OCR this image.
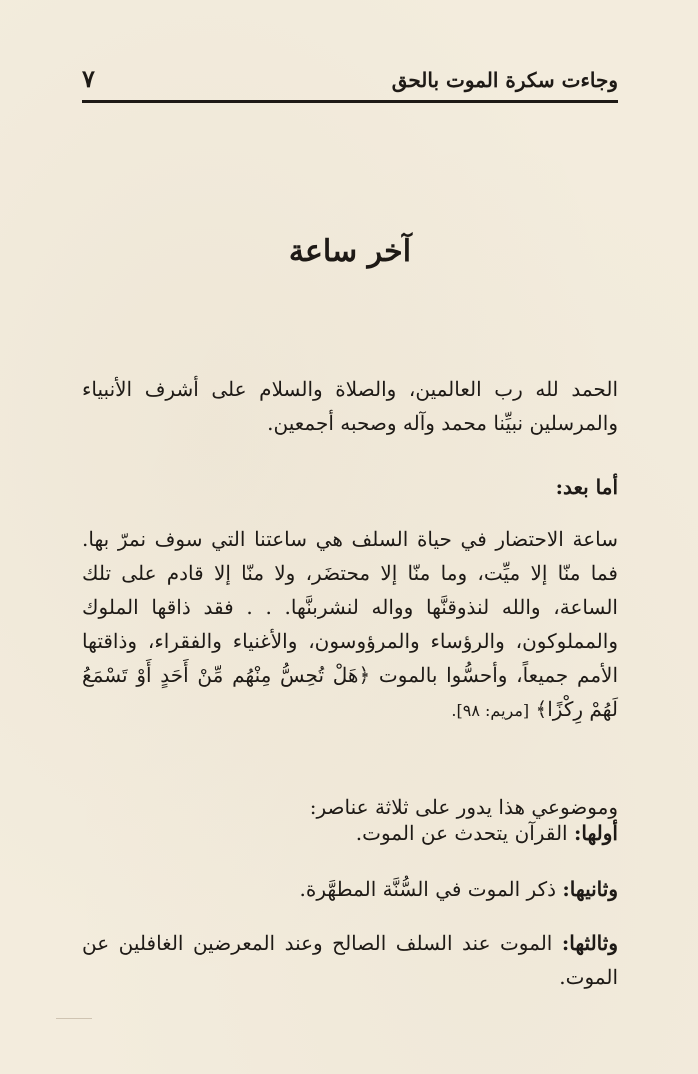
٧	وجاءت سكرة الموت بالحق
آخر ساعة

الحمد لله رب العالمين، والصلاة والسلام على أشرف الأنبياء والمرسلين نبيِّنا محمد وآله وصحبه أجمعين.

أما بعد:

ساعة الاحتضار في حياة السلف هي ساعتنا التي سوف نمرّ بها. فما منّا إلا ميِّت، وما منّا إلا محتضَر، ولا منّا إلا قادم على تلك الساعة، والله لنذوقنَّها وواله لنشربنَّها. . . فقد ذاقها الملوك والمملوكون، والرؤساء والمرؤوسون، والأغنياء والفقراء، وذاقتها الأمم جميعاً، وأحسُّوا بالموت ﴿هَلْ تُحِسُّ مِنْهُم مِّنْ أَحَدٍ أَوْ تَسْمَعُ لَهُمْ رِكْزًا﴾ [مريم: ٩٨].

وموضوعي هذا يدور على ثلاثة عناصر:

أولها: القرآن يتحدث عن الموت.

وثانيها: ذكر الموت في السُّنَّة المطهَّرة.

وثالثها: الموت عند السلف الصالح وعند المعرضين الغافلين عن الموت.
